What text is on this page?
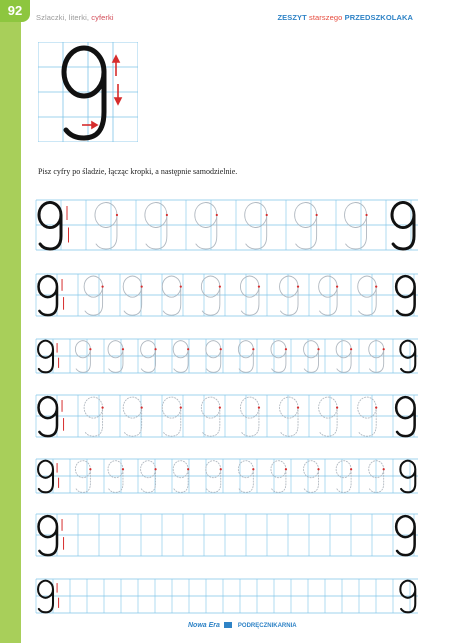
92	Szlaczki, literki, cyferki	ZESZYT starszego PRZEDSZKOLAKA
Pisz cyfry po śladzie, łącząc kropki, a następnie samodzielnie.
Nowa Era	PODRĘCZNIKARNIA
